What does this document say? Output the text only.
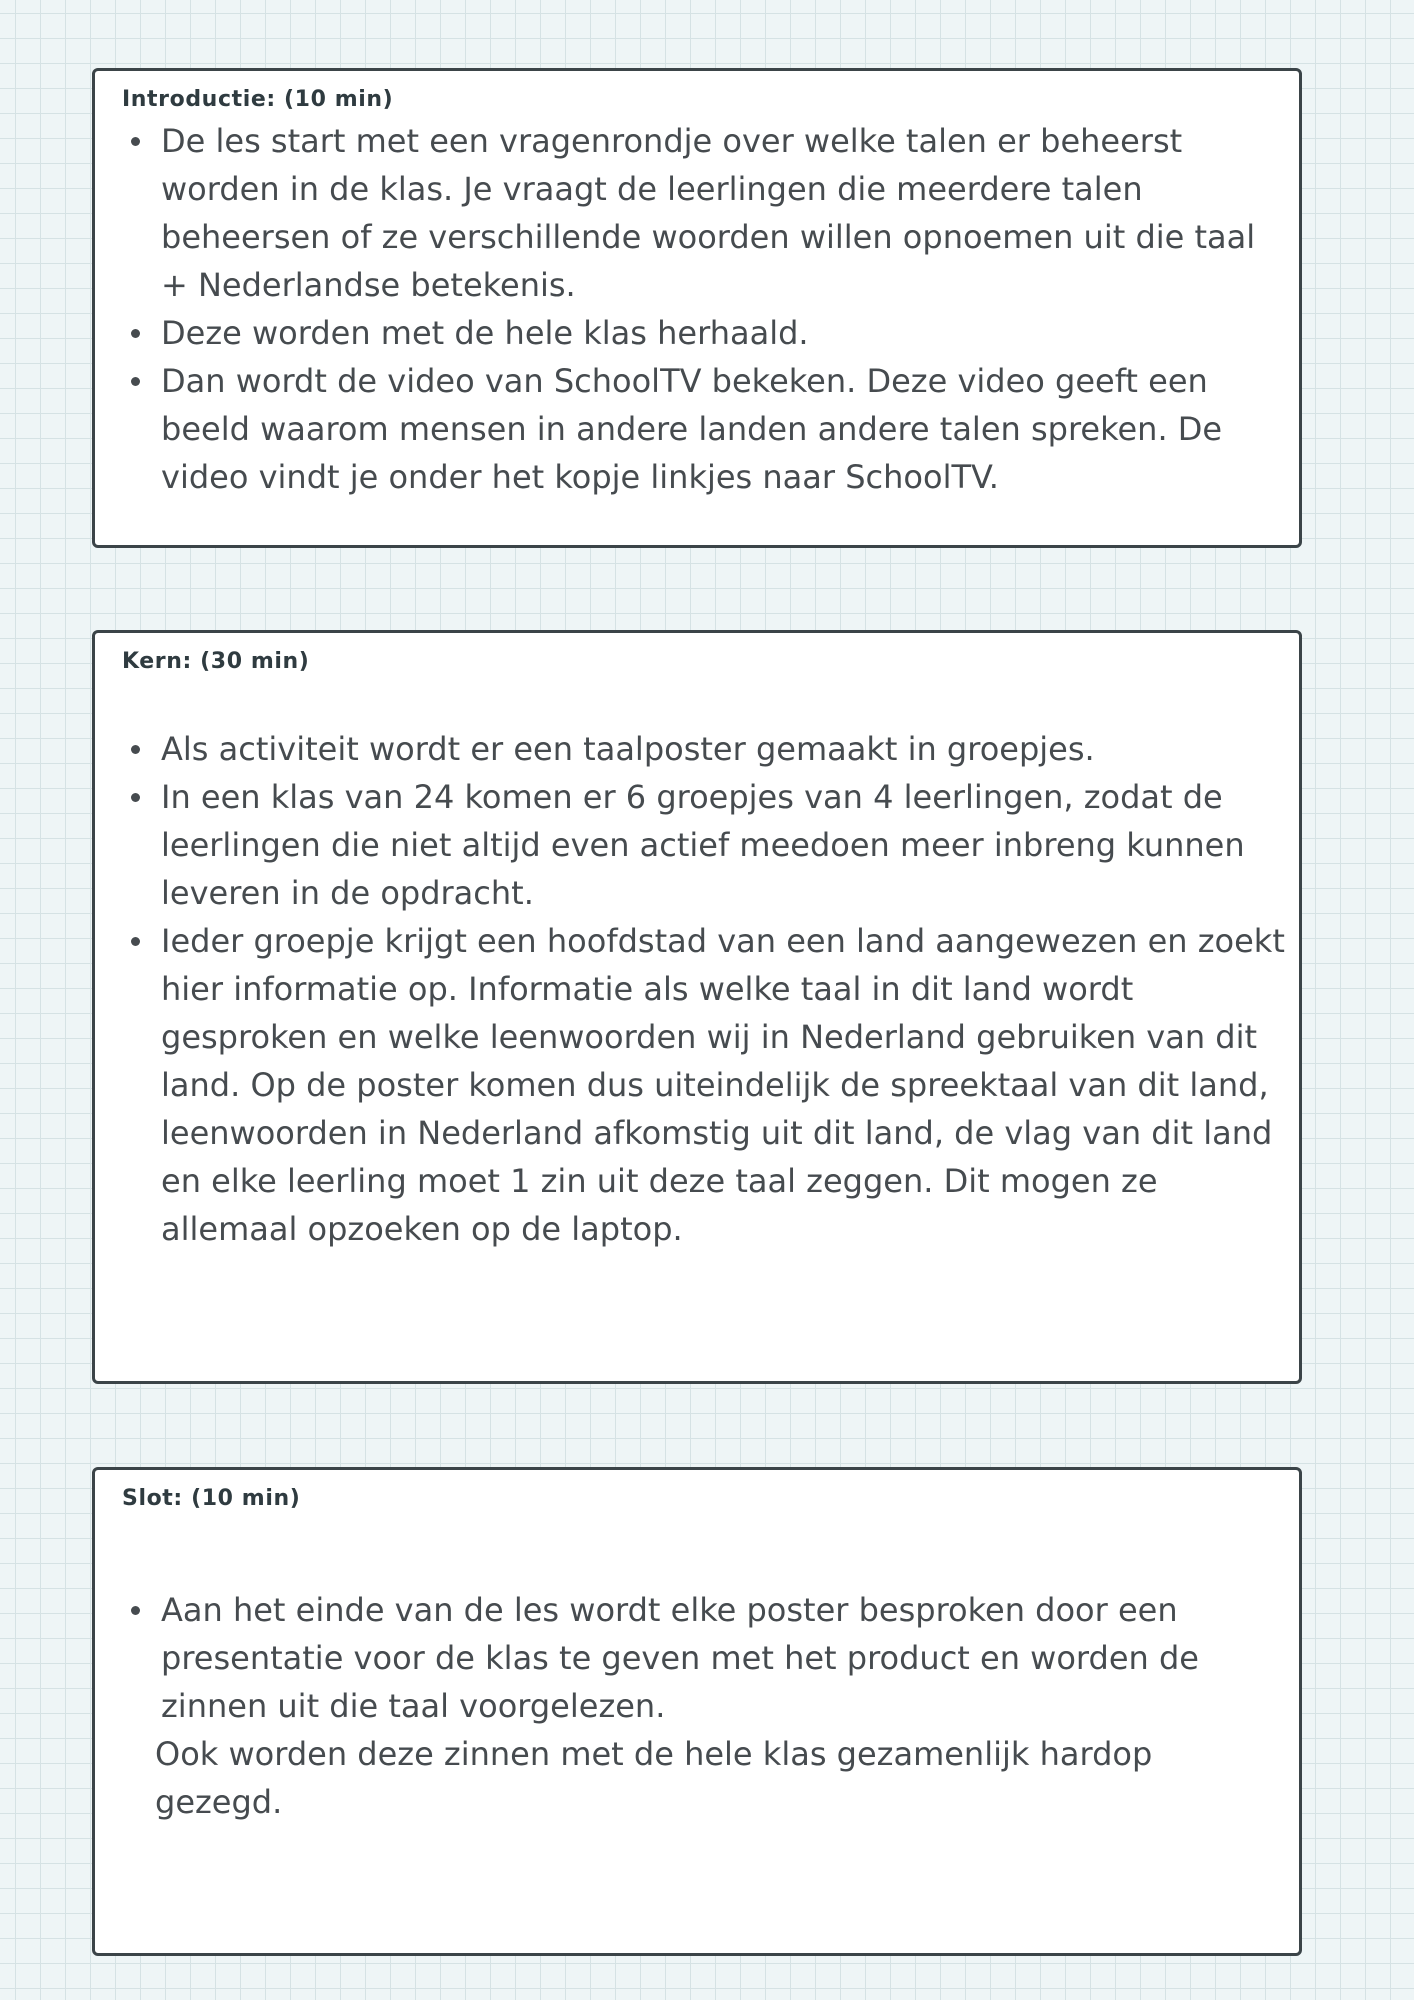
Introductie: (10 min)
De les start met een vragenrondje over welke talen er beheerst worden in de klas. Je vraagt de leerlingen die meerdere talen beheersen of ze verschillende woorden willen opnoemen uit die taal + Nederlandse betekenis.
Deze worden met de hele klas herhaald.
Dan wordt de video van SchoolTV bekeken. Deze video geeft een beeld waarom mensen in andere landen andere talen spreken. De video vindt je onder het kopje linkjes naar SchoolTV.
Kern: (30 min)
Als activiteit wordt er een taalposter gemaakt in groepjes.
In een klas van 24 komen er 6 groepjes van 4 leerlingen, zodat de leerlingen die niet altijd even actief meedoen meer inbreng kunnen leveren in de opdracht.
Ieder groepje krijgt een hoofdstad van een land aangewezen en zoekt hier informatie op. Informatie als welke taal in dit land wordt gesproken en welke leenwoorden wij in Nederland gebruiken van dit land. Op de poster komen dus uiteindelijk de spreektaal van dit land, leenwoorden in Nederland afkomstig uit dit land, de vlag van dit land en elke leerling moet 1 zin uit deze taal zeggen. Dit mogen ze allemaal opzoeken op de laptop.
Slot: (10 min)
Aan het einde van de les wordt elke poster besproken door een presentatie voor de klas te geven met het product en worden de zinnen uit die taal voorgelezen.
Ook worden deze zinnen met de hele klas gezamenlijk hardop gezegd.
